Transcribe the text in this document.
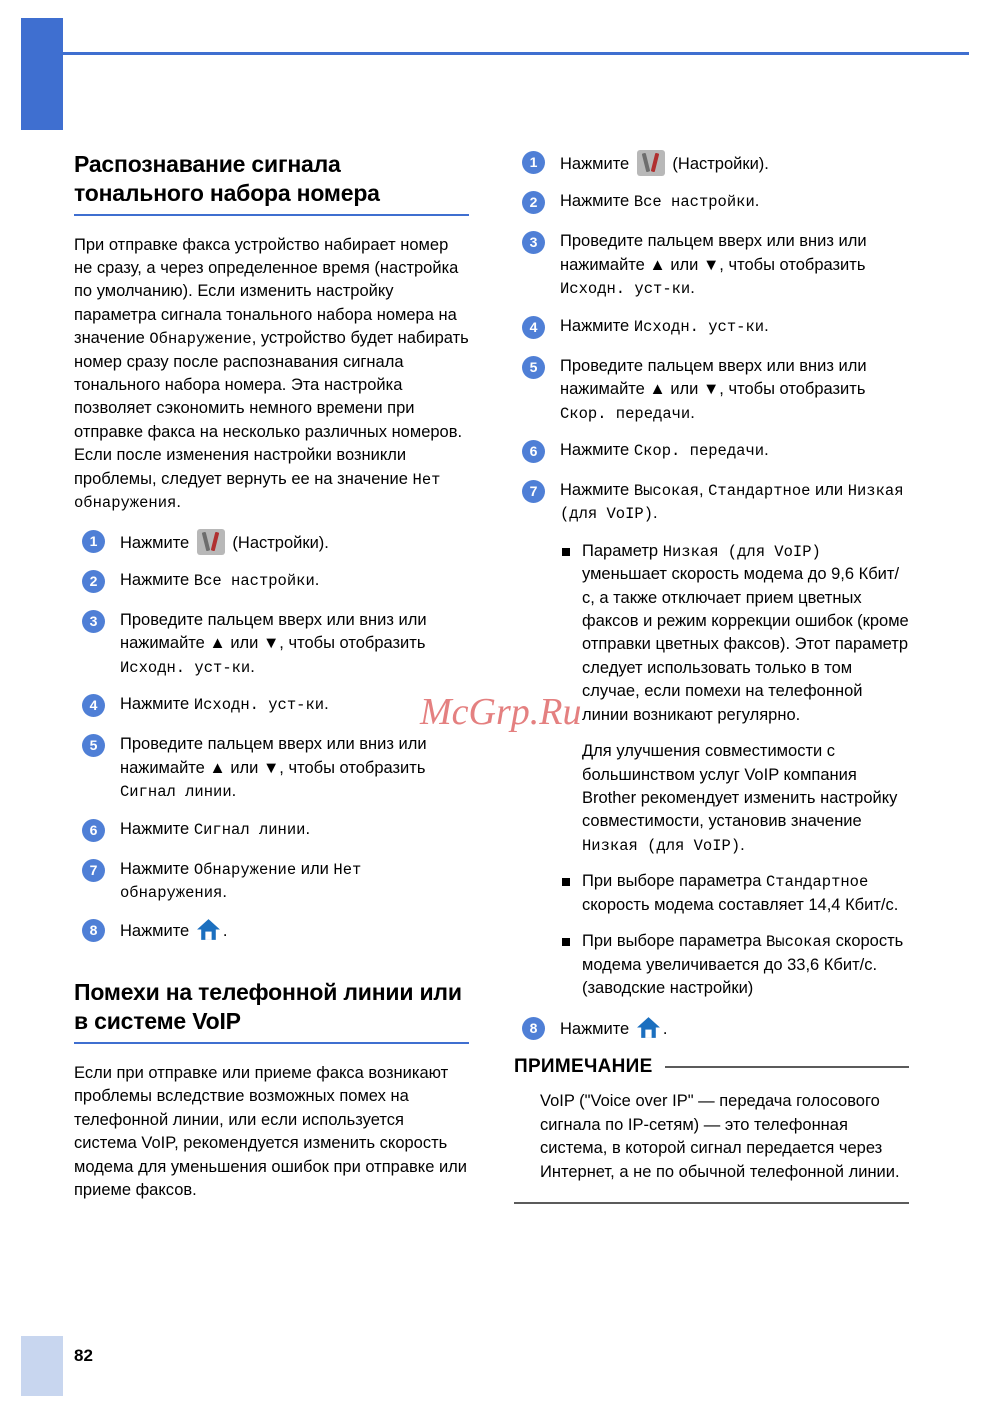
82
McGrp.Ru
Распознавание сигнала тонального набора номера

При отправке факса устройство набирает номер не сразу, а через определенное время (настройка по умолчанию). Если изменить настройку параметра сигнала тонального набора номера на значение Обнаружение, устройство будет набирать номер сразу после распознавания сигнала тонального набора номера. Эта настройка позволяет сэкономить немного времени при отправке факса на несколько различных номеров. Если после изменения настройки возникли проблемы, следует вернуть ее на значение Нет обнаружения.

1	Нажмите
(Настройки).
2	Нажмите Все настройки.
3	Проведите пальцем вверх или вниз или нажимайте ▲ или ▼, чтобы отобразить Исходн. уст-ки.
4	Нажмите Исходн. уст-ки.
5	Проведите пальцем вверх или вниз или нажимайте ▲ или ▼, чтобы отобразить Сигнал линии.
6	Нажмите Сигнал линии.
7	Нажмите Обнаружение или Нет обнаружения.
8	Нажмите .
Помехи на телефонной линии или в системе VoIP

Если при отправке или приеме факса возникают проблемы вследствие возможных помех на телефонной линии, или если используется система VoIP, рекомендуется изменить скорость модема для уменьшения ошибок при отправке или приеме факсов.

1	Нажмите
(Настройки).
2	Нажмите Все настройки.
3	Проведите пальцем вверх или вниз или нажимайте ▲ или ▼, чтобы отобразить Исходн. уст-ки.
4	Нажмите Исходн. уст-ки.
5	Проведите пальцем вверх или вниз или нажимайте ▲ или ▼, чтобы отобразить Скор. передачи.
6	Нажмите Скор. передачи.
7	Нажмите Высокая, Стандартное или Низкая (для VoIP).
Параметр Низкая (для VoIP) уменьшает скорость модема до 9,6 Кбит/с, а также отключает прием цветных факсов и режим коррекции ошибок (кроме отправки цветных факсов). Этот параметр следует использовать только в том случае, если помехи на телефонной линии возникают регулярно.
Для улучшения совместимости с большинством услуг VoIP компания Brother рекомендует изменить настройку совместимости, установив значение Низкая (для VoIP).
При выборе параметра Стандартное скорость модема составляет 14,4 Кбит/с.
При выборе параметра Высокая скорость модема увеличивается до 33,6 Кбит/с. (заводские настройки)
8	Нажмите .
ПРИМЕЧАНИЕ
VoIP ("Voice over IP" — передача голосового сигнала по IP-сетям) — это телефонная система, в которой сигнал передается через Интернет, а не по обычной телефонной линии.
